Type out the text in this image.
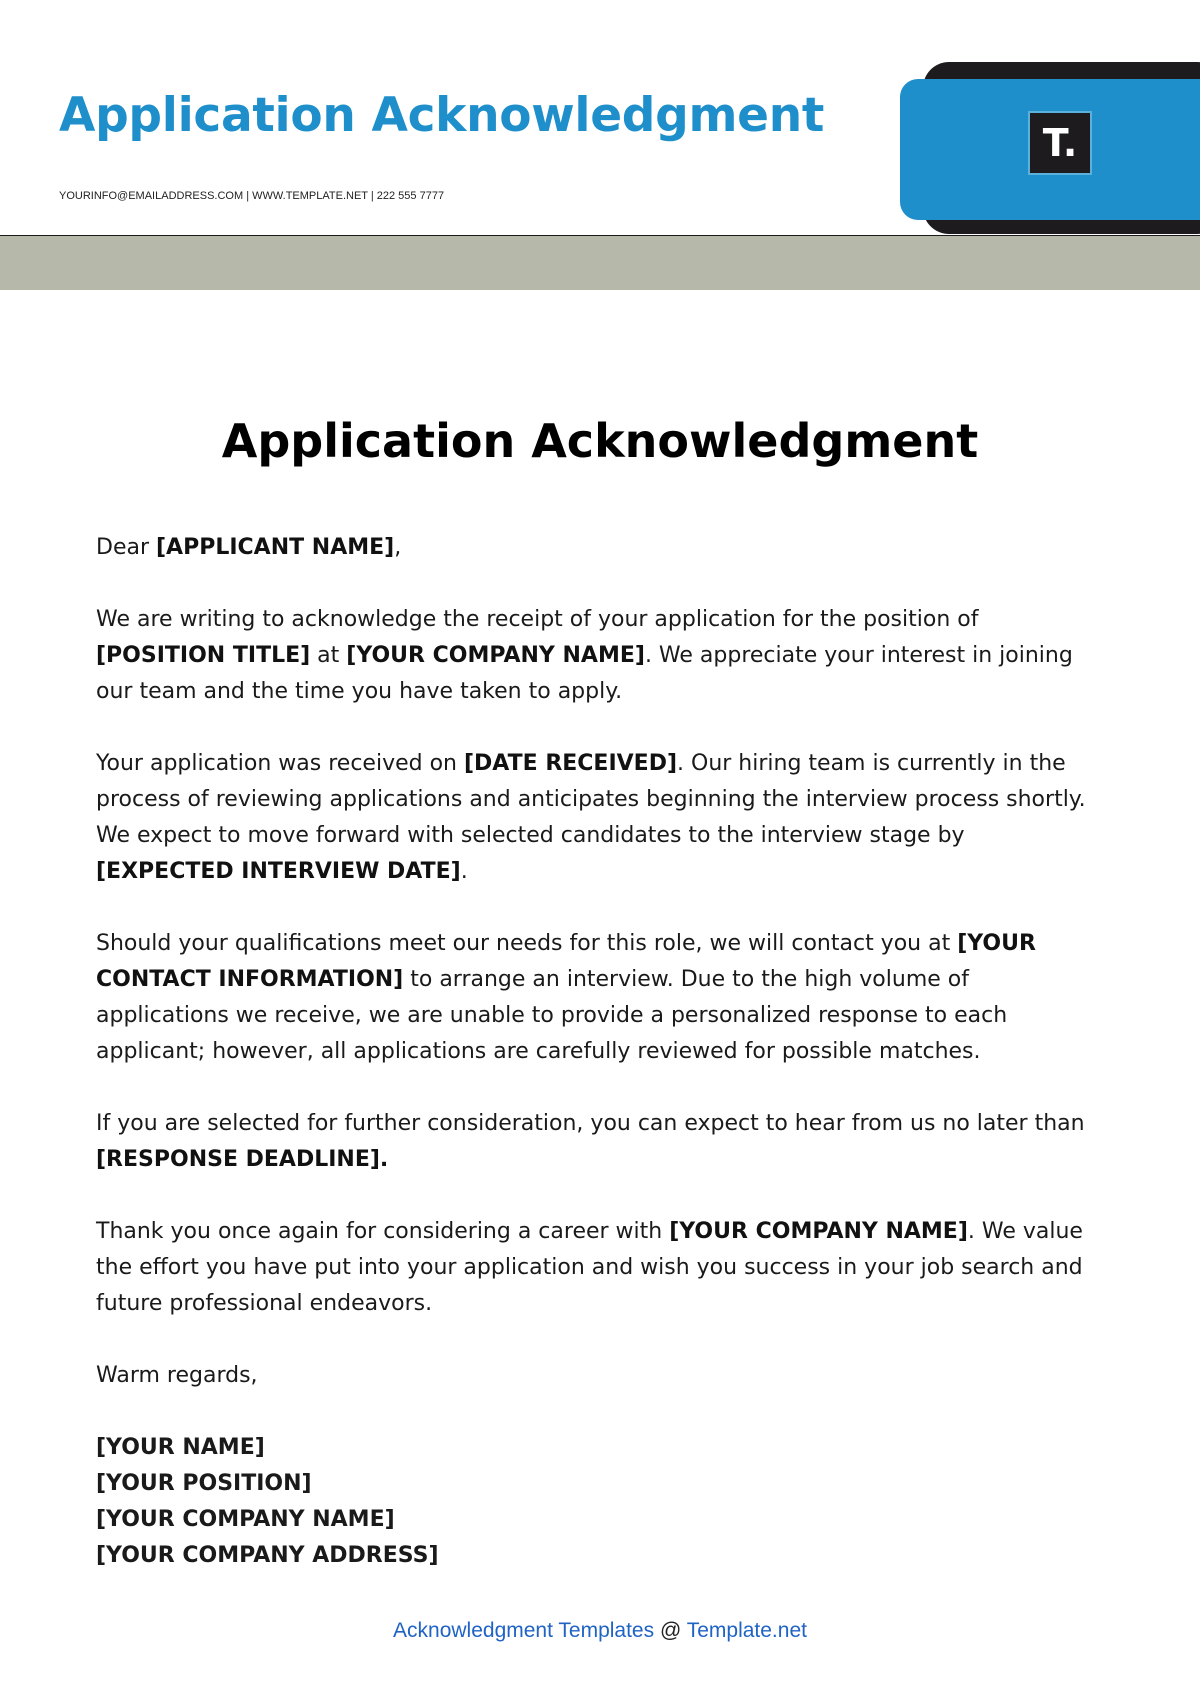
Application Acknowledgment
YOURINFO@EMAILADDRESS.COM | WWW.TEMPLATE.NET | 222 555 7777
T.
Application Acknowledgment

Dear [APPLICANT NAME],

We are writing to acknowledge the receipt of your application for the position of [POSITION TITLE] at [YOUR COMPANY NAME]. We appreciate your interest in joining our team and the time you have taken to apply.

Your application was received on [DATE RECEIVED]. Our hiring team is currently in the process of reviewing applications and anticipates beginning the interview process shortly. We expect to move forward with selected candidates to the interview stage by [EXPECTED INTERVIEW DATE].

Should your qualifications meet our needs for this role, we will contact you at [YOUR CONTACT INFORMATION] to arrange an interview. Due to the high volume of applications we receive, we are unable to provide a personalized response to each applicant; however, all applications are carefully reviewed for possible matches.

If you are selected for further consideration, you can expect to hear from us no later than [RESPONSE DEADLINE].

Thank you once again for considering a career with [YOUR COMPANY NAME]. We value the effort you have put into your application and wish you success in your job search and future professional endeavors.

Warm regards,

[YOUR NAME]
[YOUR POSITION]
[YOUR COMPANY NAME]
[YOUR COMPANY ADDRESS]
Acknowledgment Templates @ Template.net
